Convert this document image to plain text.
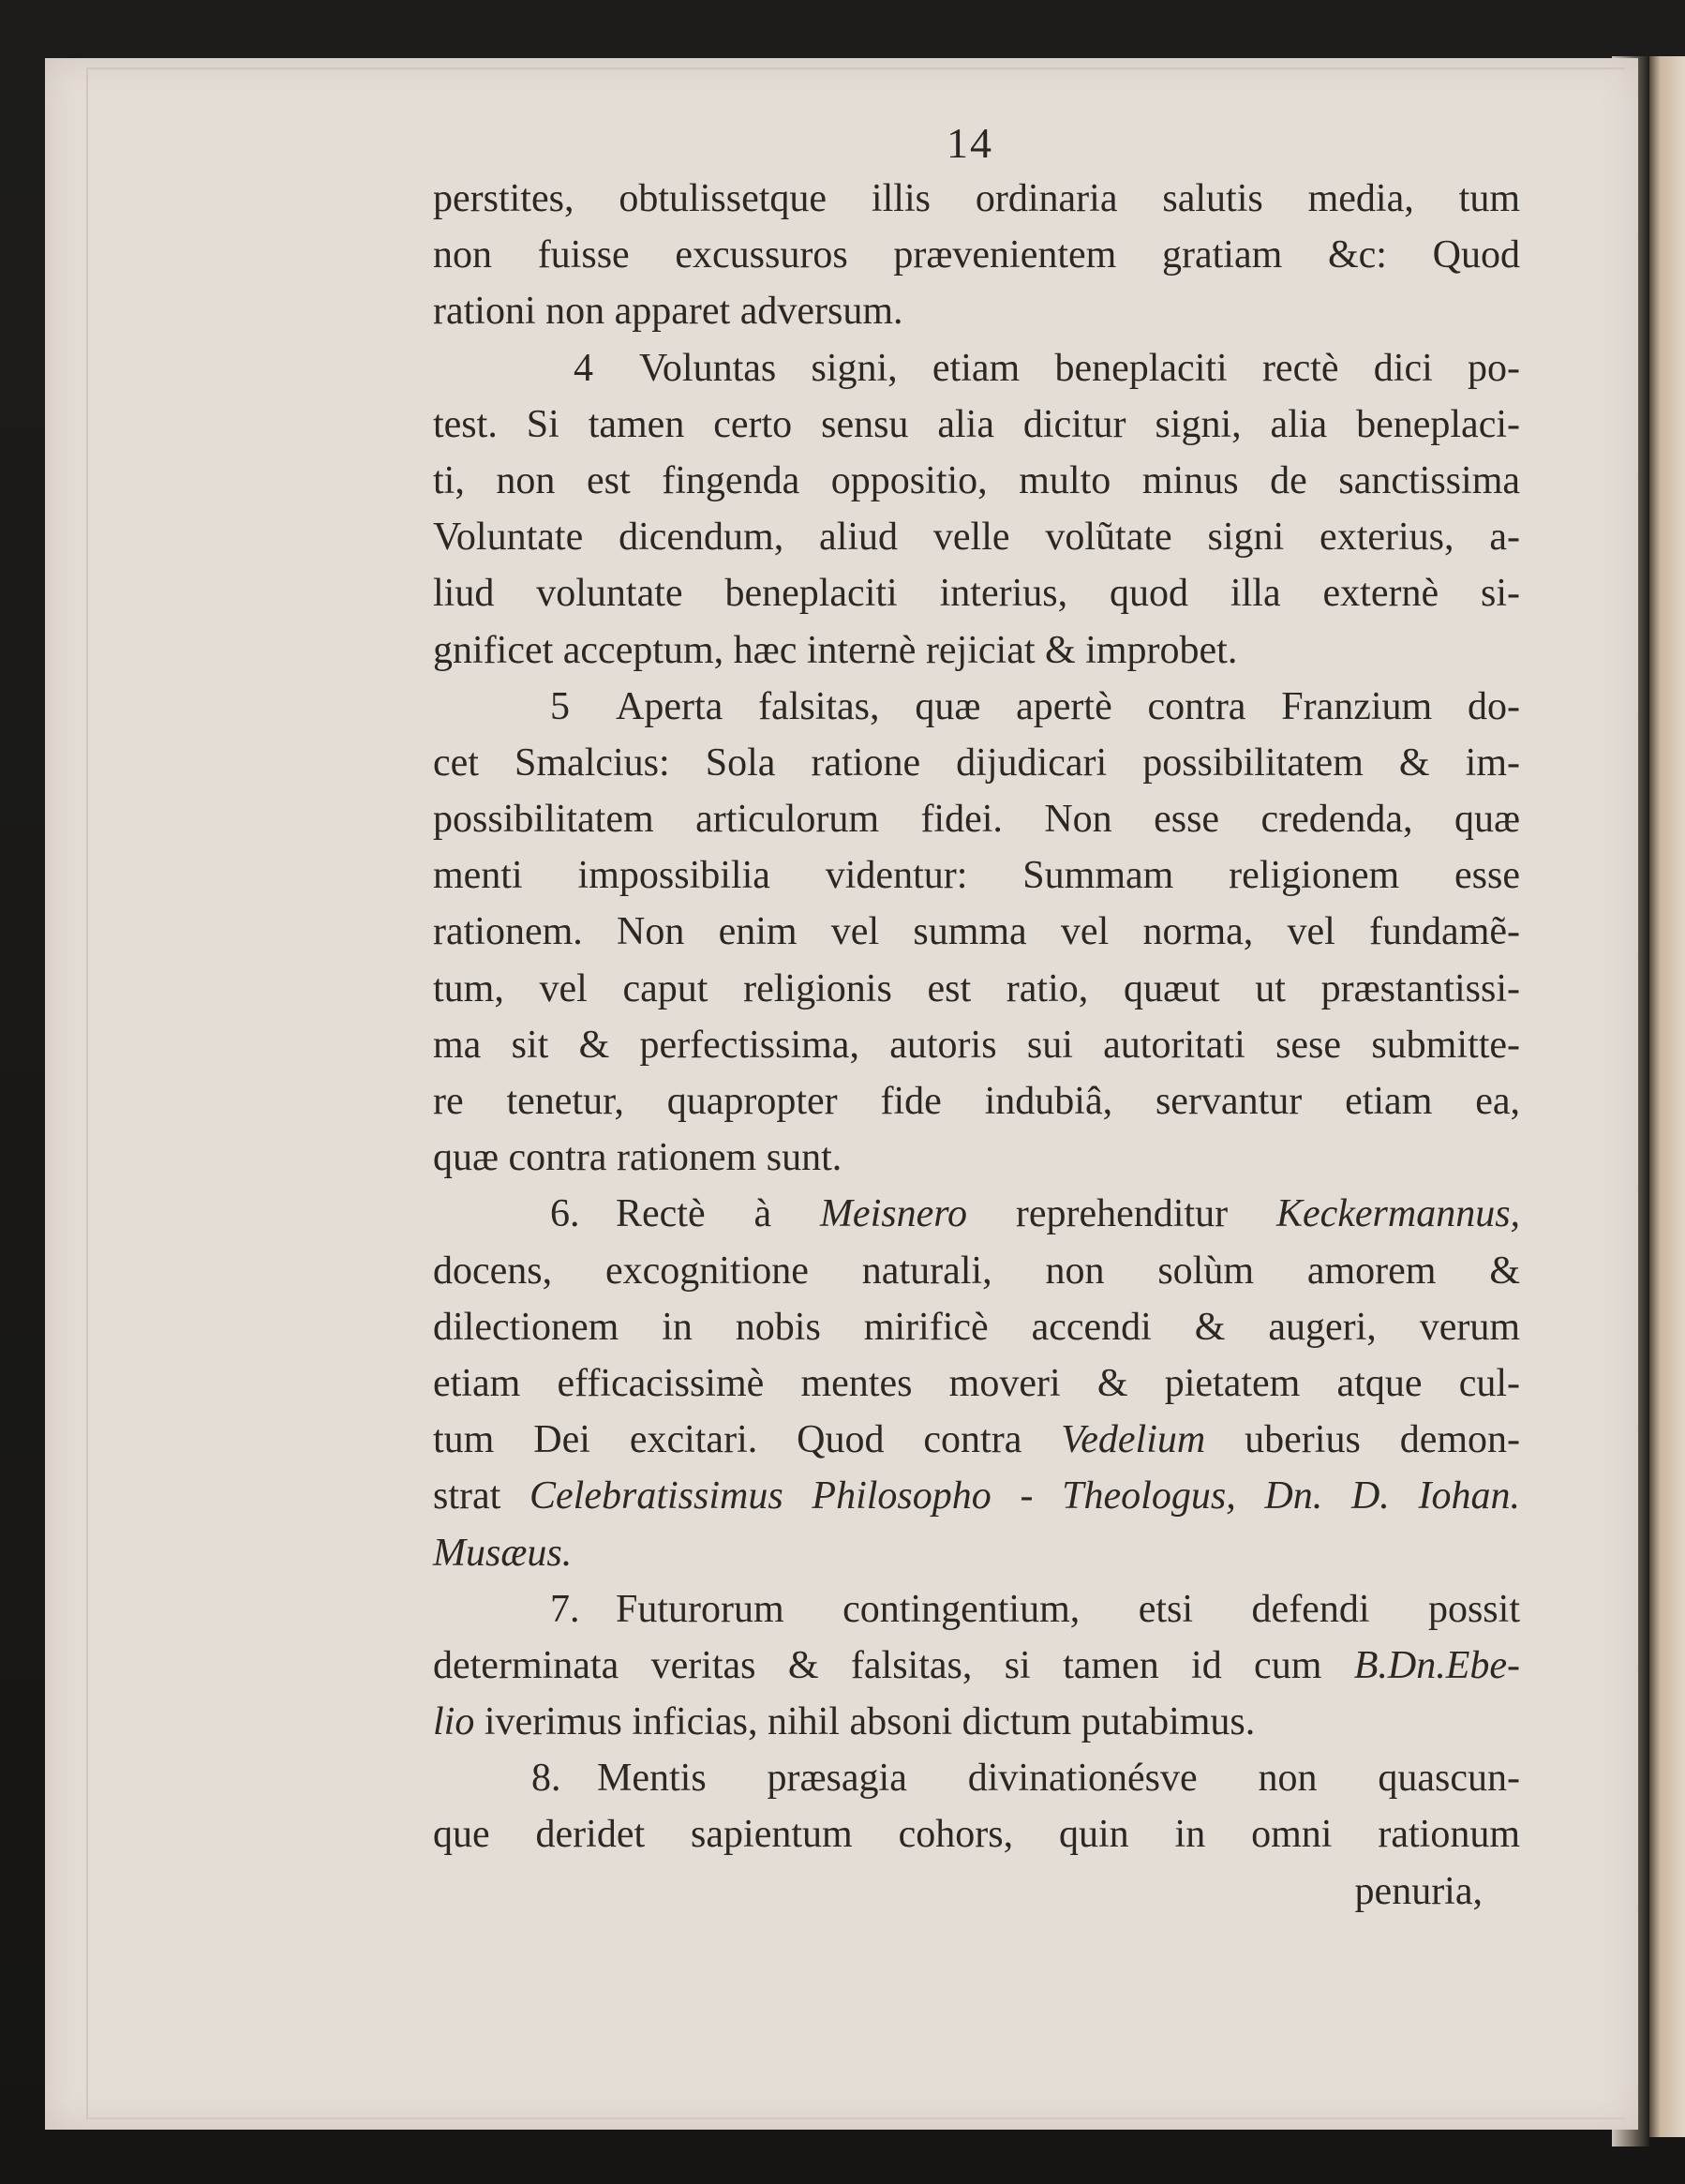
14
perstites, obtulissetque illis ordinaria salutis media, tum
non fuisse excussuros prævenientem gratiam &c: Quod
rationi non apparet adversum.
4 Voluntas signi, etiam beneplaciti rectè dici po-
test. Si tamen certo sensu alia dicitur signi, alia beneplaci-
ti, non est fingenda oppositio, multo minus de sanctissima
Voluntate dicendum, aliud velle volũtate signi exterius, a-
liud voluntate beneplaciti interius, quod illa externè si-
gnificet acceptum, hæc internè rejiciat & improbet.
5 Aperta falsitas, quæ apertè contra Franzium do-
cet Smalcius: Sola ratione dijudicari possibilitatem & im-
possibilitatem articulorum fidei. Non esse credenda, quæ
menti impossibilia videntur: Summam religionem esse
rationem. Non enim vel summa vel norma, vel fundamẽ-
tum, vel caput religionis est ratio, quæut ut præstantissi-
ma sit & perfectissima, autoris sui autoritati sese submitte-
re tenetur, quapropter fide indubiâ, servantur etiam ea,
quæ contra rationem sunt.
6. Rectè à Meisnero reprehenditur Keckermannus,
docens, excognitione naturali, non solùm amorem &
dilectionem in nobis mirificè accendi & augeri, verum
etiam efficacissimè mentes moveri & pietatem atque cul-
tum Dei excitari. Quod contra Vedelium uberius demon-
strat Celebratissimus Philosopho - Theologus, Dn. D. Iohan.
Musæus.
7. Futurorum contingentium, etsi defendi possit
determinata veritas & falsitas, si tamen id cum B.Dn.Ebe-
lio iverimus inficias, nihil absoni dictum putabimus.
8. Mentis præsagia divinationésve non quascun-
que deridet sapientum cohors, quin in omni rationum
penuria,
